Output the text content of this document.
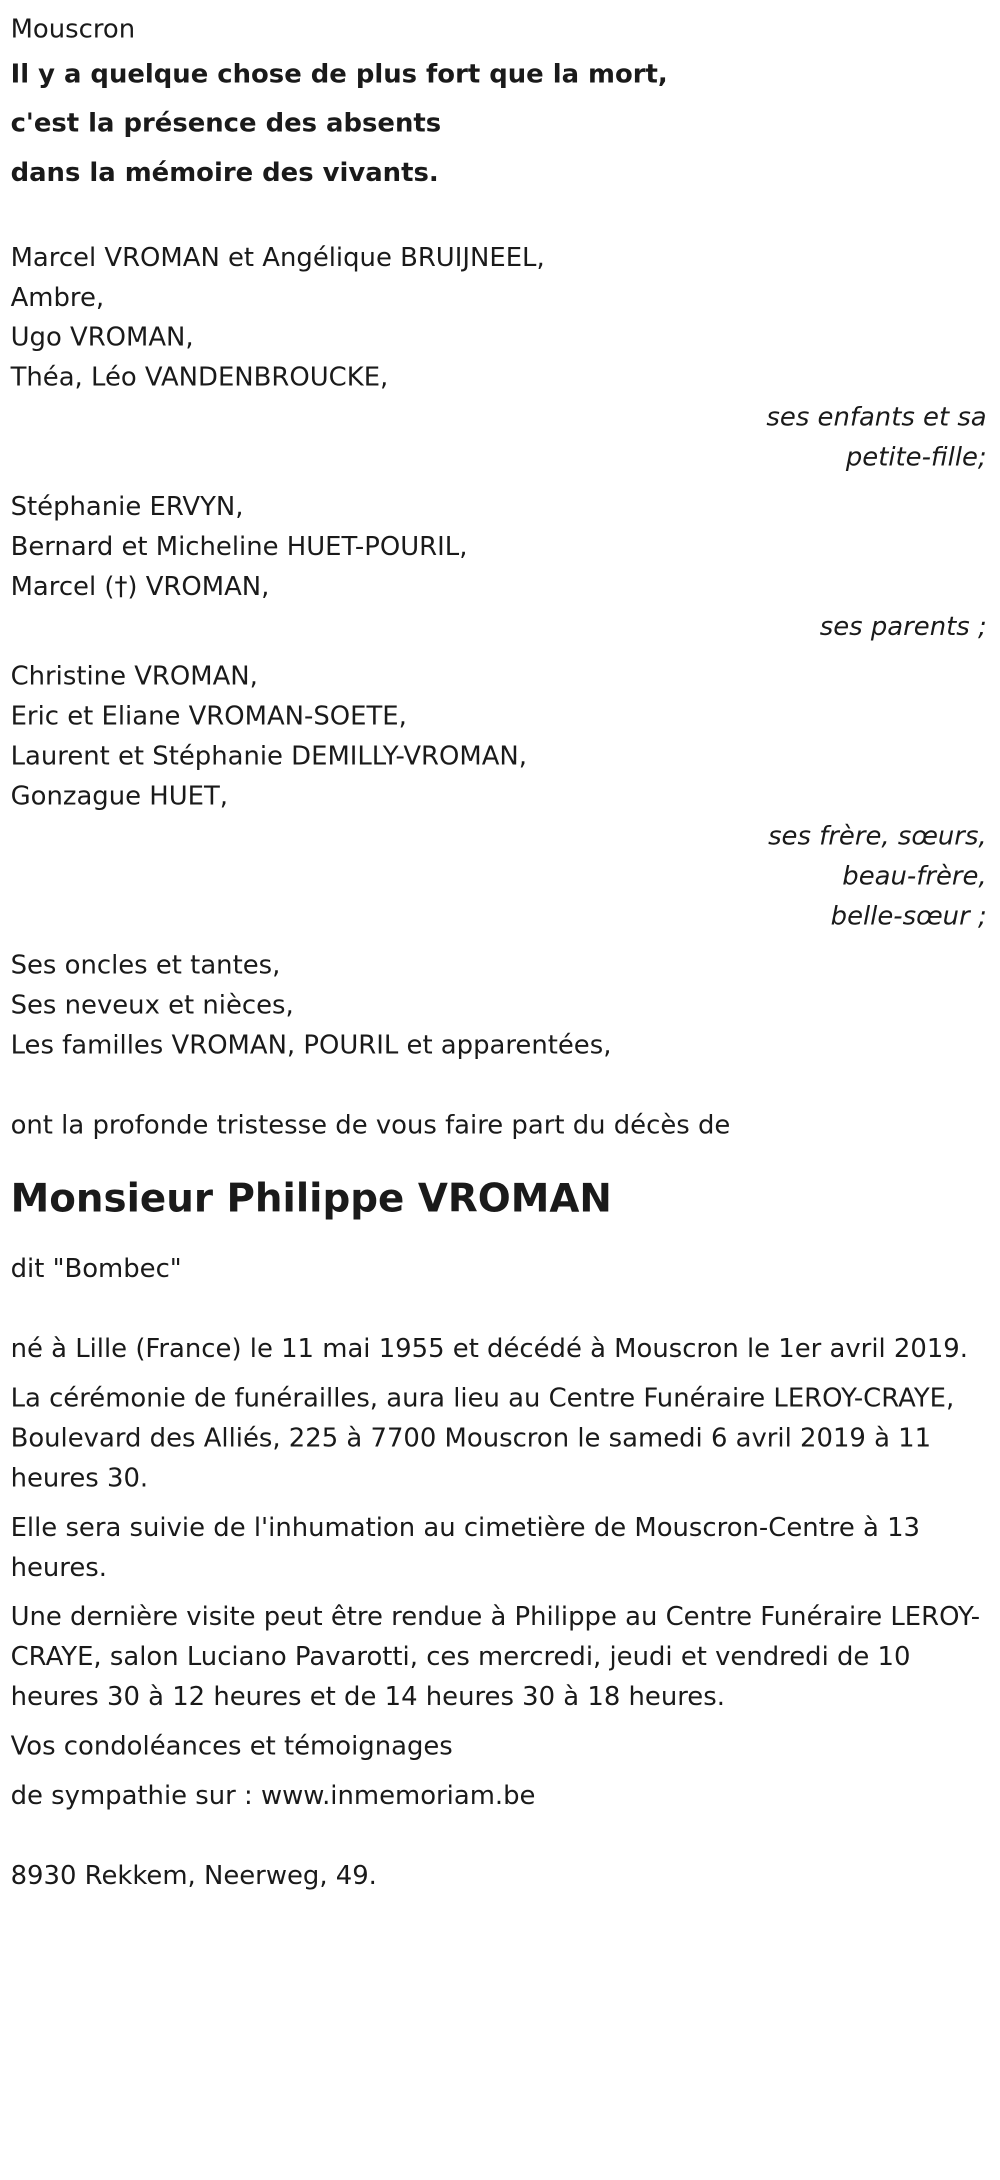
Mouscron
Il y a quelque chose de plus fort que la mort,
c'est la présence des absents
dans la mémoire des vivants.
Marcel VROMAN et Angélique BRUIJNEEL,
Ambre,
Ugo VROMAN,
Théa, Léo VANDENBROUCKE,
ses enfants et sa
petite-fille;
Stéphanie ERVYN,
Bernard et Micheline HUET-POURIL,
Marcel (†) VROMAN,
ses parents ;
Christine VROMAN,
Eric et Eliane VROMAN-SOETE,
Laurent et Stéphanie DEMILLY-VROMAN,
Gonzague HUET,
ses frère, sœurs,
beau-frère,
belle-sœur ;
Ses oncles et tantes,
Ses neveux et nièces,
Les familles VROMAN, POURIL et apparentées,
ont la profonde tristesse de vous faire part du décès de
Monsieur Philippe VROMAN
dit "Bombec"
né à Lille (France) le 11 mai 1955 et décédé à Mouscron le 1er avril 2019.
La cérémonie de funérailles, aura lieu au Centre Funéraire LEROY-CRAYE, Boulevard des Alliés, 225 à 7700 Mouscron le samedi 6 avril 2019 à 11 heures 30.
Elle sera suivie de l'inhumation au cimetière de Mouscron-Centre à 13 heures.
Une dernière visite peut être rendue à Philippe au Centre Funéraire LEROY-CRAYE, salon Luciano Pavarotti, ces mercredi, jeudi et vendredi de 10 heures 30 à 12 heures et de 14 heures 30 à 18 heures.
Vos condoléances et témoignages
de sympathie sur : www.inmemoriam.be
8930 Rekkem, Neerweg, 49.
